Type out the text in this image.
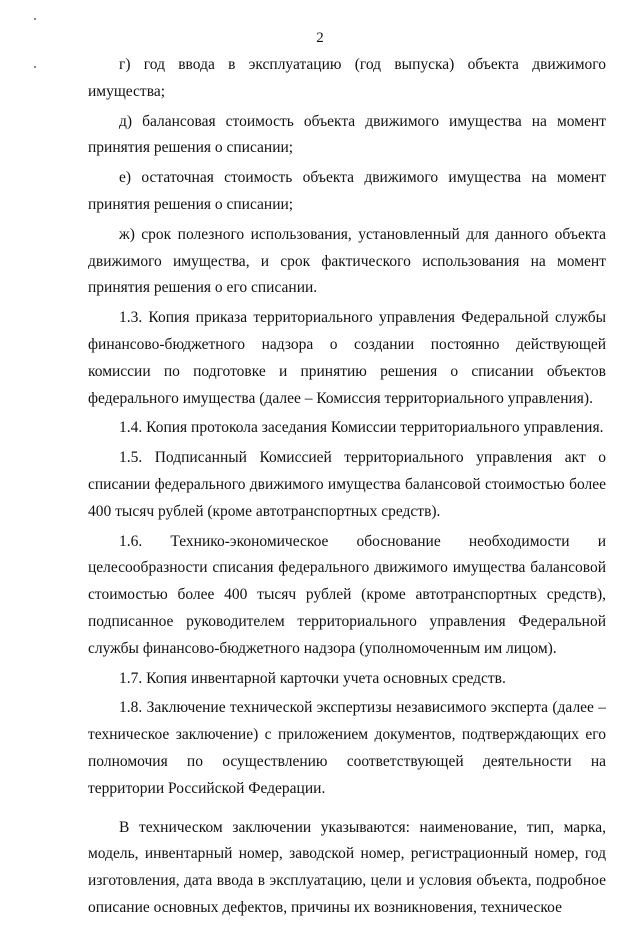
2

г) год ввода в эксплуатацию (год выпуска) объекта движимого имущества;

д) балансовая стоимость объекта движимого имущества на момент принятия решения о списании;

е) остаточная стоимость объекта движимого имущества на момент принятия решения о списании;

ж) срок полезного использования, установленный для данного объекта движимого имущества, и срок фактического использования на момент принятия решения о его списании.

1.3. Копия приказа территориального управления Федеральной службы финансово-бюджетного надзора о создании постоянно действующей комиссии по подготовке и принятию решения о списании объектов федерального имущества (далее – Комиссия территориального управления).

1.4. Копия протокола заседания Комиссии территориального управления.

1.5. Подписанный Комиссией территориального управления акт о списании федерального движимого имущества балансовой стоимостью более 400 тысяч рублей (кроме автотранспортных средств).

1.6. Технико-экономическое обоснование необходимости и целесообразности списания федерального движимого имущества балансовой стоимостью более 400 тысяч рублей (кроме автотранспортных средств), подписанное руководителем территориального управления Федеральной службы финансово-бюджетного надзора (уполномоченным им лицом).

1.7. Копия инвентарной карточки учета основных средств.

1.8. Заключение технической экспертизы независимого эксперта (далее – техническое заключение) с приложением документов, подтверждающих его полномочия по осуществлению соответствующей деятельности на территории Российской Федерации.

В техническом заключении указываются: наименование, тип, марка, модель, инвентарный номер, заводской номер, регистрационный номер, год изготовления, дата ввода в эксплуатацию, цели и условия объекта, подробное описание основных дефектов, причины их возникновения, техническое
